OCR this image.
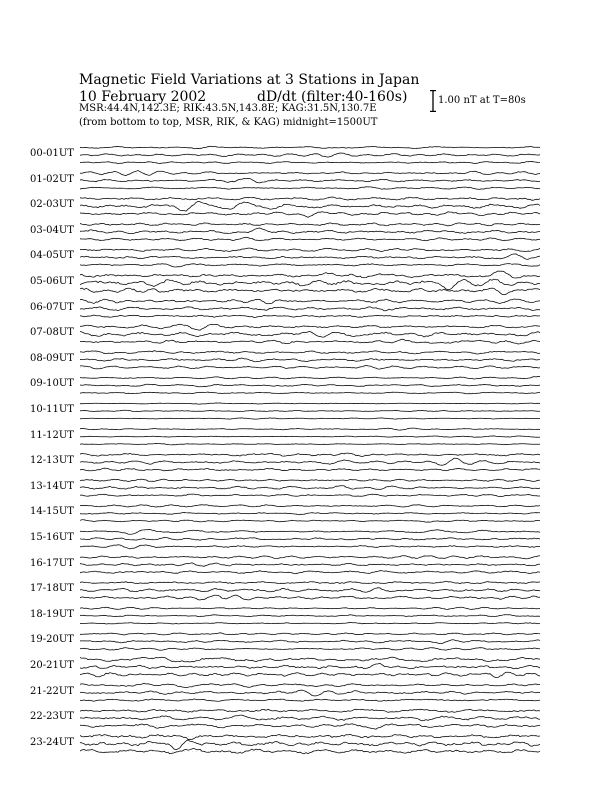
Magnetic Field Variations at 3 Stations in Japan
10 February 2002	dD/dt (filter:40-160s)
MSR:44.4N,142.3E; RIK:43.5N,143.8E; KAG:31.5N,130.7E
(from bottom to top, MSR, RIK, & KAG) midnight=1500UT
1.00 nT at T=80s
00-01UT
01-02UT
02-03UT
03-04UT
04-05UT
05-06UT
06-07UT
07-08UT
08-09UT
09-10UT
10-11UT
11-12UT
12-13UT
13-14UT
14-15UT
15-16UT
16-17UT
17-18UT
18-19UT
19-20UT
20-21UT
21-22UT
22-23UT
23-24UT
